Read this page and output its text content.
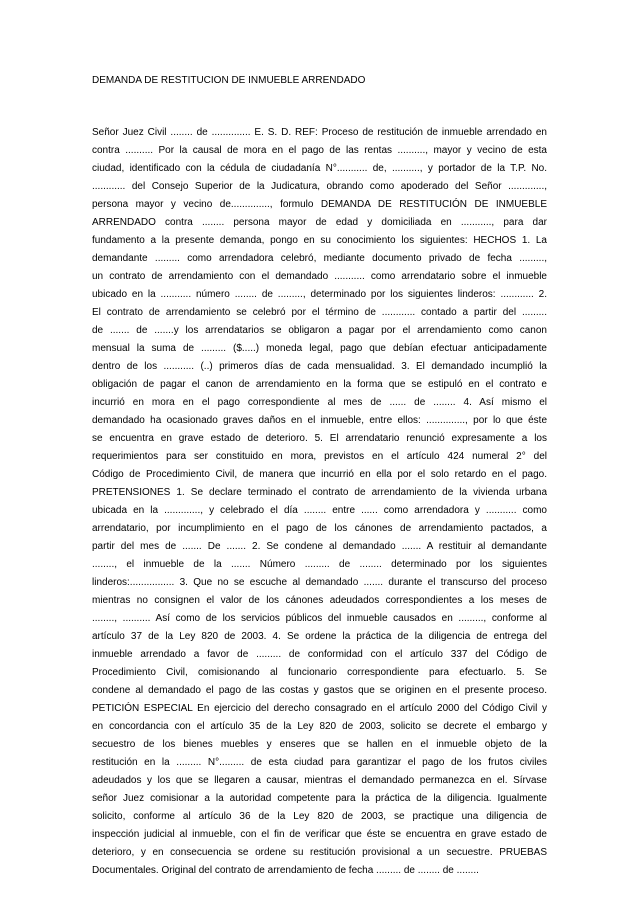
DEMANDA DE RESTITUCION DE INMUEBLE ARRENDADO

Señor Juez Civil ........ de .............. E. S. D. REF: Proceso de restitución de inmueble arrendado en
contra .......... Por la causal de mora en el pago de las rentas .........., mayor y vecino de esta
ciudad, identificado con la cédula de ciudadanía N°........... de, .........., y portador de la T.P. No.
............ del Consejo Superior de la Judicatura, obrando como apoderado del Señor .............,
persona mayor y vecino de.............., formulo DEMANDA DE RESTITUCIÓN DE INMUEBLE
ARRENDADO contra ........ persona mayor de edad y domiciliada en ..........., para dar
fundamento a la presente demanda, pongo en su conocimiento los siguientes: HECHOS 1. La
demandante ......... como arrendadora celebró, mediante documento privado de fecha .........,
un contrato de arrendamiento con el demandado ........... como arrendatario sobre el inmueble
ubicado en la ........... número ........ de ........., determinado por los siguientes linderos: ............ 2.
El contrato de arrendamiento se celebró por el término de ............ contado a partir del .........
de ....... de .......y los arrendatarios se obligaron a pagar por el arrendamiento como canon
mensual la suma de ......... ($.....) moneda legal, pago que debían efectuar anticipadamente
dentro de los ........... (..) primeros días de cada mensualidad. 3. El demandado incumplió la
obligación de pagar el canon de arrendamiento en la forma que se estipuló en el contrato e
incurrió en mora en el pago correspondiente al mes de ...... de ........ 4. Así mismo el
demandado ha ocasionado graves daños en el inmueble, entre ellos: .............., por lo que éste
se encuentra en grave estado de deterioro. 5. El arrendatario renunció expresamente a los
requerimientos para ser constituido en mora, previstos en el artículo 424 numeral 2° del
Código de Procedimiento Civil, de manera que incurrió en ella por el solo retardo en el pago.
PRETENSIONES 1. Se declare terminado el contrato de arrendamiento de la vivienda urbana
ubicada en la ............., y celebrado el día ........ entre ...... como arrendadora y ........... como
arrendatario, por incumplimiento en el pago de los cánones de arrendamiento pactados, a
partir del mes de ....... De ....... 2. Se condene al demandado ....... A restituir al demandante
........, el inmueble de la ....... Número ......... de ........ determinado por los siguientes
linderos:................ 3. Que no se escuche al demandado ....... durante el transcurso del proceso
mientras no consignen el valor de los cánones adeudados correspondientes a los meses de
........, .......... Así como de los servicios públicos del inmueble causados en ........., conforme al
artículo 37 de la Ley 820 de 2003. 4. Se ordene la práctica de la diligencia de entrega del
inmueble arrendado a favor de ......... de conformidad con el artículo 337 del Código de
Procedimiento Civil, comisionando al funcionario correspondiente para efectuarlo. 5. Se
condene al demandado el pago de las costas y gastos que se originen en el presente proceso.
PETICIÓN ESPECIAL En ejercicio del derecho consagrado en el artículo 2000 del Código Civil y
en concordancia con el artículo 35 de la Ley 820 de 2003, solicito se decrete el embargo y
secuestro de los bienes muebles y enseres que se hallen en el inmueble objeto de la
restitución en la ......... N°......... de esta ciudad para garantizar el pago de los frutos civiles
adeudados y los que se llegaren a causar, mientras el demandado permanezca en el. Sírvase
señor Juez comisionar a la autoridad competente para la práctica de la diligencia. Igualmente
solicito, conforme al artículo 36 de la Ley 820 de 2003, se practique una diligencia de
inspección judicial al inmueble, con el fin de verificar que éste se encuentra en grave estado de
deterioro, y en consecuencia se ordene su restitución provisional a un secuestre. PRUEBAS
Documentales. Original del contrato de arrendamiento de fecha ......... de ........ de ........
